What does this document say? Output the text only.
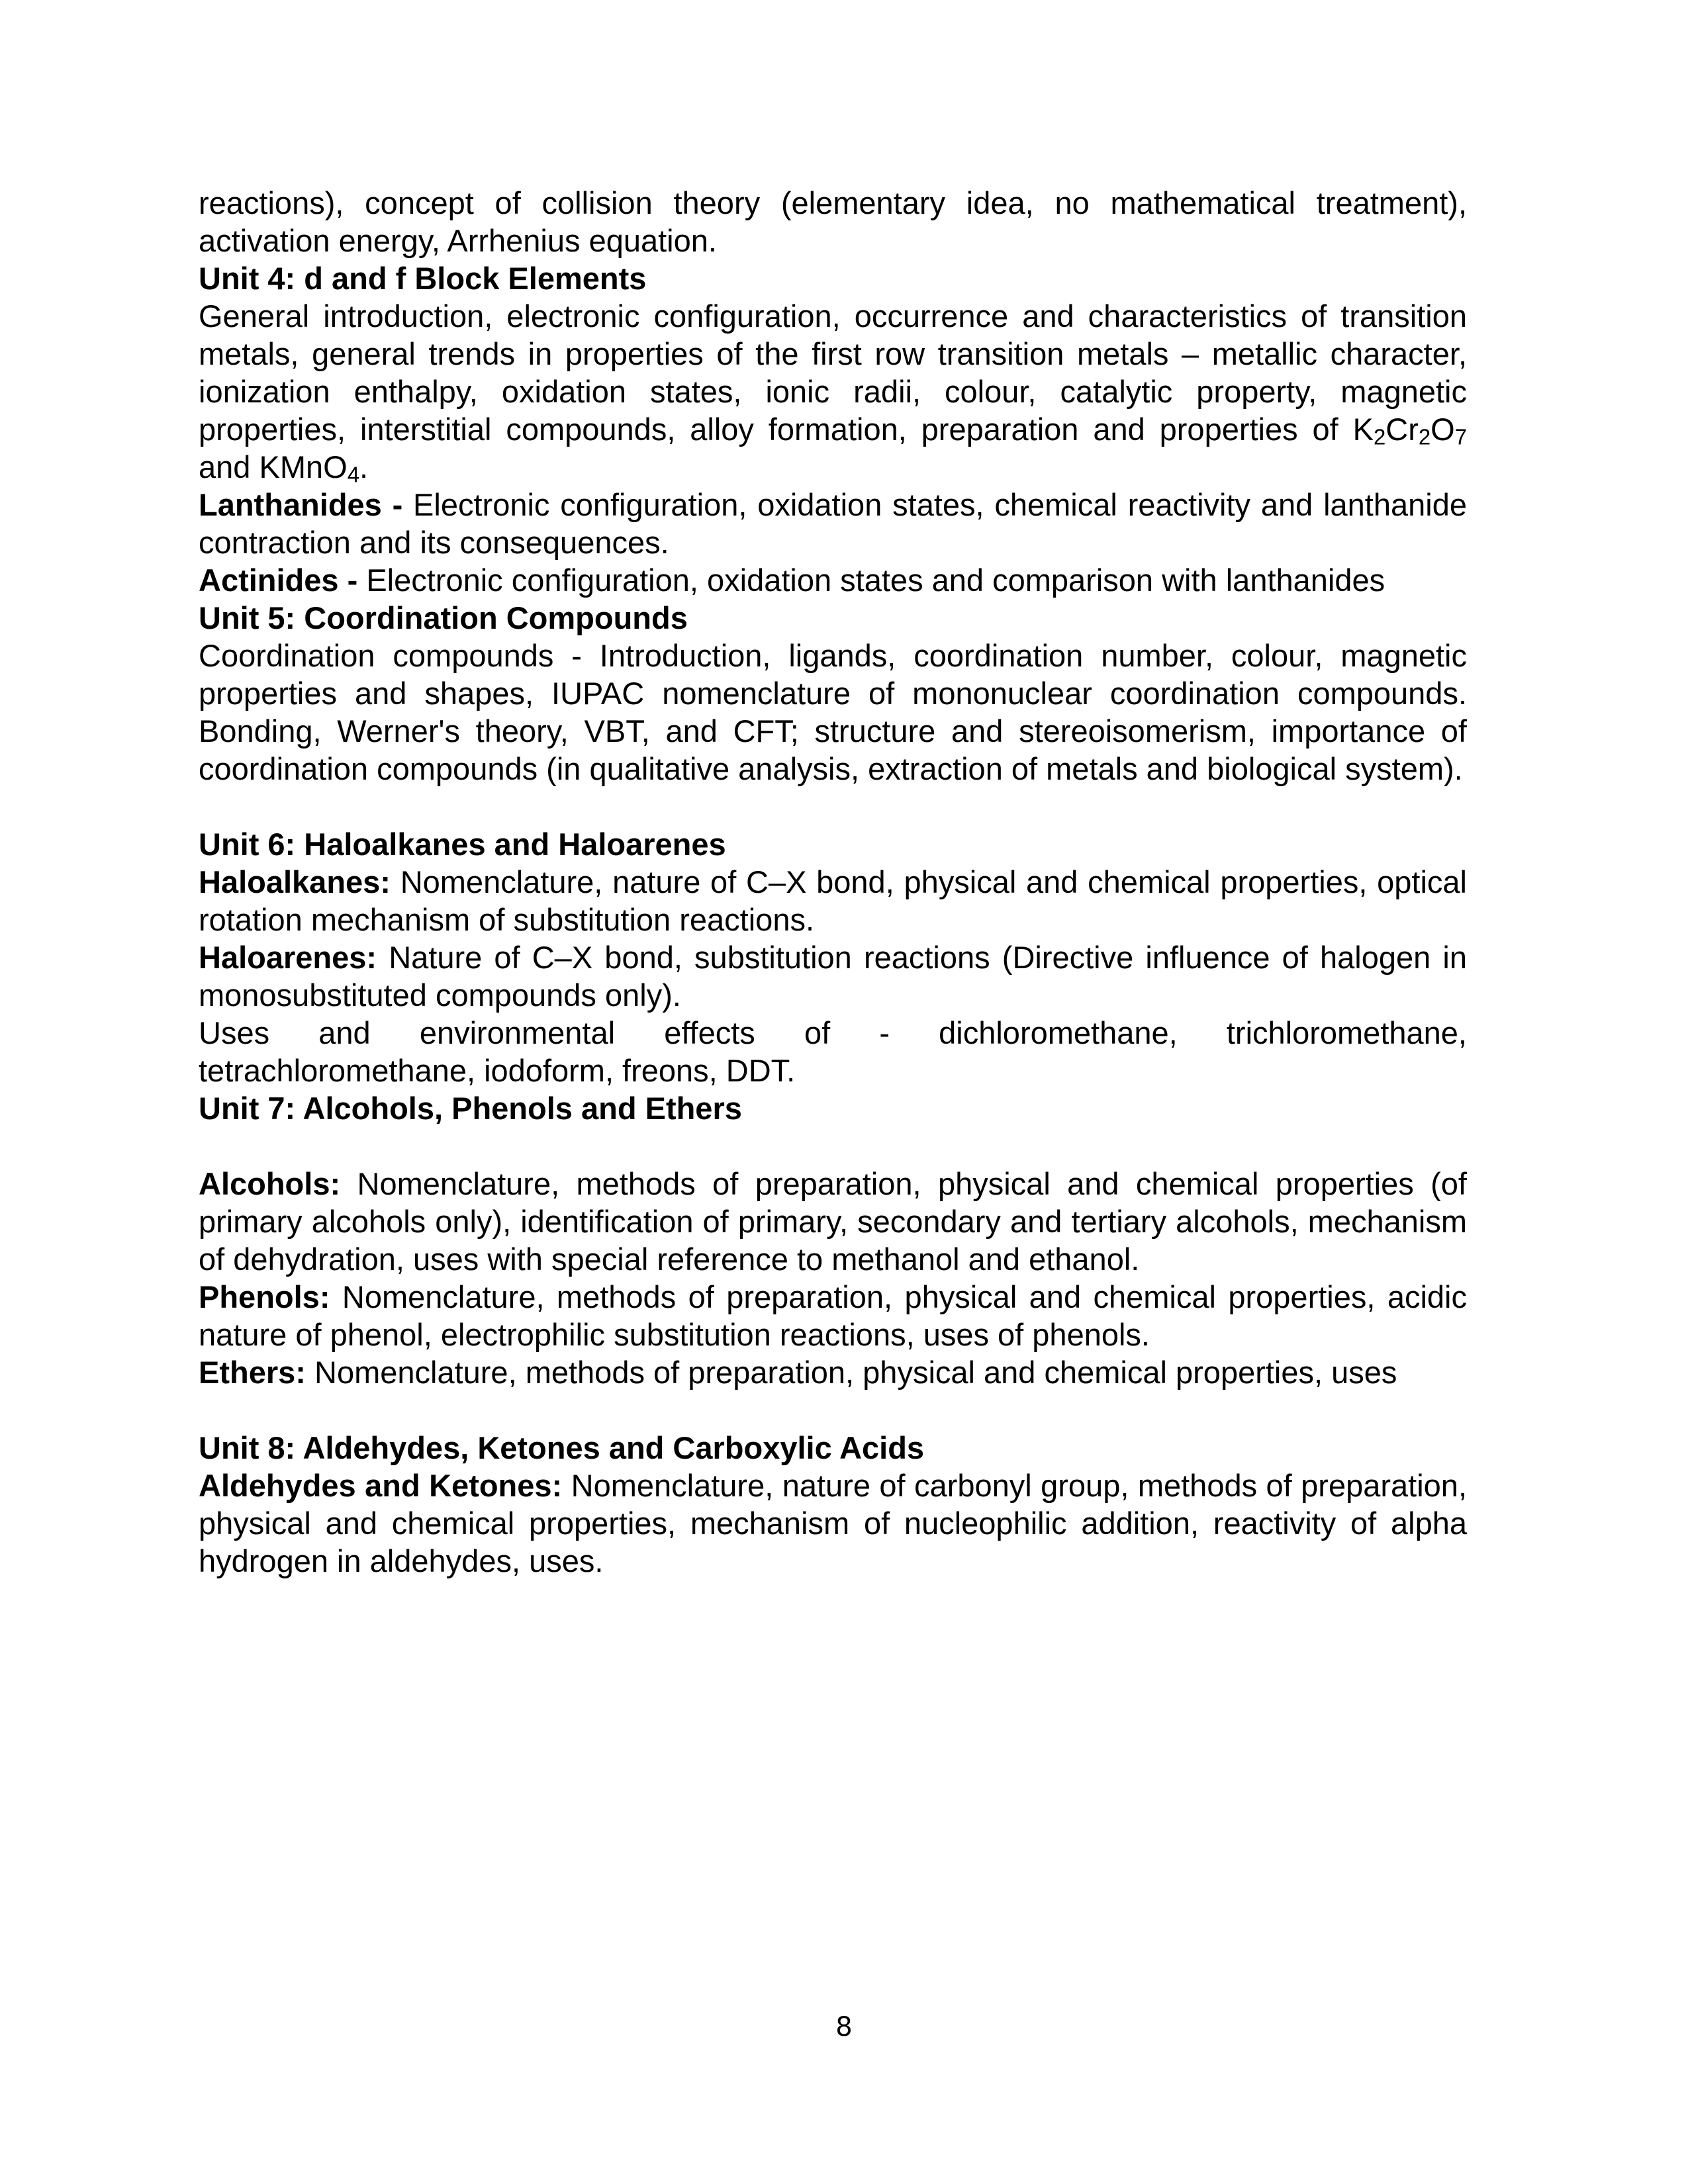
reactions), concept of collision theory (elementary idea, no mathematical treatment), activation energy, Arrhenius equation.

Unit 4: d and f Block Elements

General introduction, electronic configuration, occurrence and characteristics of transition metals, general trends in properties of the first row transition metals – metallic character, ionization enthalpy, oxidation states, ionic radii, colour, catalytic property, magnetic properties, interstitial compounds, alloy formation, preparation and properties of $K_2Cr_2O_7$ and KMnO$_4$.

Lanthanides - Electronic configuration, oxidation states, chemical reactivity and lanthanide contraction and its consequences.

Actinides - Electronic configuration, oxidation states and comparison with lanthanides

Unit 5: Coordination Compounds

Coordination compounds - Introduction, ligands, coordination number, colour, magnetic properties and shapes, IUPAC nomenclature of mononuclear coordination compounds. Bonding, Werner's theory, VBT, and CFT; structure and stereoisomerism, importance of coordination compounds (in qualitative analysis, extraction of metals and biological system).

Unit 6: Haloalkanes and Haloarenes

Haloalkanes: Nomenclature, nature of C–X bond, physical and chemical properties, optical rotation mechanism of substitution reactions.

Haloarenes: Nature of C–X bond, substitution reactions (Directive influence of halogen in monosubstituted compounds only).

Uses and environmental effects of - dichloromethane, trichloromethane,

tetrachloromethane, iodoform, freons, DDT.

Unit 7: Alcohols, Phenols and Ethers

Alcohols: Nomenclature, methods of preparation, physical and chemical properties (of primary alcohols only), identification of primary, secondary and tertiary alcohols, mechanism of dehydration, uses with special reference to methanol and ethanol.

Phenols: Nomenclature, methods of preparation, physical and chemical properties, acidic nature of phenol, electrophilic substitution reactions, uses of phenols.

Ethers: Nomenclature, methods of preparation, physical and chemical properties, uses

Unit 8: Aldehydes, Ketones and Carboxylic Acids

Aldehydes and Ketones: Nomenclature, nature of carbonyl group, methods of preparation, physical and chemical properties, mechanism of nucleophilic addition, reactivity of alpha hydrogen in aldehydes, uses.

8
